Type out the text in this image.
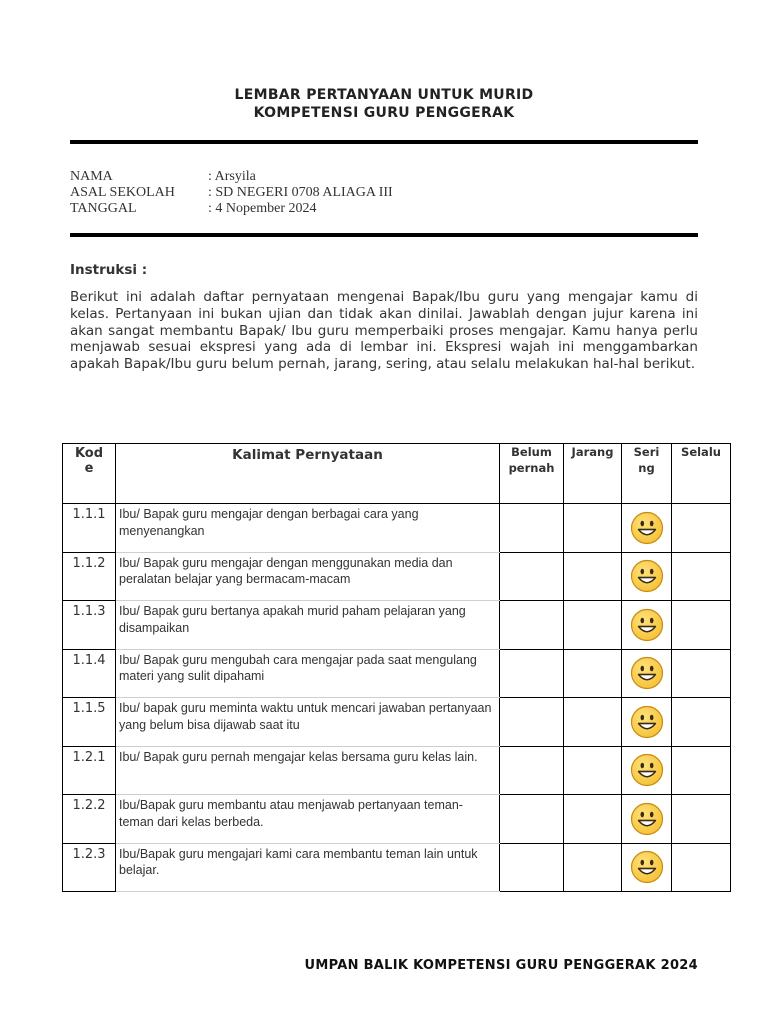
LEMBAR PERTANYAAN UNTUK MURID
KOMPETENSI GURU PENGGERAK
NAMA	: Arsyila
ASAL SEKOLAH : SD NEGERI 0708 ALIAGA III
TANGGAL	: 4 Nopember 2024
Instruksi :
Berikut ini adalah daftar pernyataan mengenai Bapak/Ibu guru yang mengajar kamu di kelas. Pertanyaan ini bukan ujian dan tidak akan dinilai. Jawablah dengan jujur karena ini akan sangat membantu Bapak/ Ibu guru memperbaiki proses mengajar. Kamu hanya perlu menjawab sesuai ekspresi yang ada di lembar ini. Ekspresi wajah ini menggambarkan apakah Bapak/Ibu guru belum pernah, jarang, sering, atau selalu melakukan hal-hal berikut.
Kode	Kalimat Pernyataan	Belum pernah	Jarang	Sering	Selalu
1.1.1	Ibu/ Bapak guru mengajar dengan berbagai cara yang menyenangkan				
1.1.2	Ibu/ Bapak guru mengajar dengan menggunakan media dan peralatan belajar yang bermacam-macam				
1.1.3	Ibu/ Bapak guru bertanya apakah murid paham pelajaran yang disampaikan				
1.1.4	Ibu/ Bapak guru mengubah cara mengajar pada saat mengulang materi yang sulit dipahami				
1.1.5	Ibu/ bapak guru meminta waktu untuk mencari jawaban pertanyaan yang belum bisa dijawab saat itu				
1.2.1	Ibu/ Bapak guru pernah mengajar kelas bersama guru kelas lain.				
1.2.2	Ibu/Bapak guru membantu atau menjawab pertanyaan teman-teman dari kelas berbeda.				
1.2.3	Ibu/Bapak guru mengajari kami cara membantu teman lain untuk belajar.				
UMPAN BALIK KOMPETENSI GURU PENGGERAK 2024
